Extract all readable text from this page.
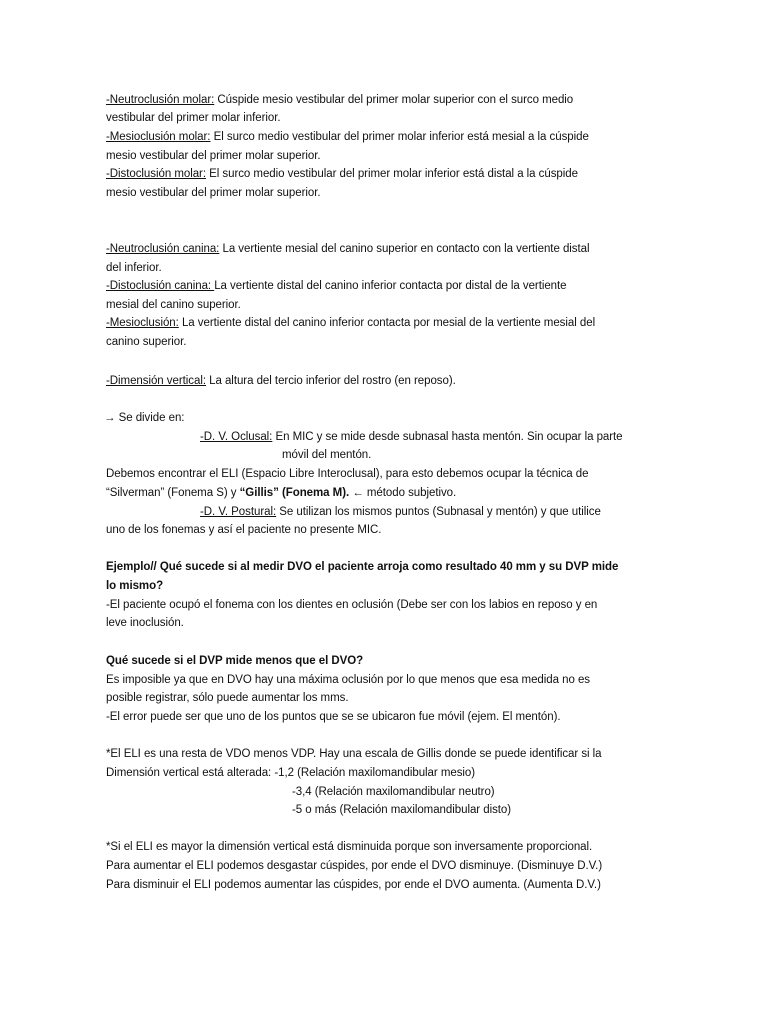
-Neutroclusión molar: Cúspide mesio vestibular del primer molar superior con el surco medio
vestibular del primer molar inferior.
-Mesioclusión molar: El surco medio vestibular del primer molar inferior está mesial a la cúspide
mesio vestibular del primer molar superior.
-Distoclusión molar: El surco medio vestibular del primer molar inferior está distal a la cúspide
mesio vestibular del primer molar superior.
-Neutroclusión canina: La vertiente mesial del canino superior en contacto con la vertiente distal
del inferior.
-Distoclusión canina: La vertiente distal del canino inferior contacta por distal de la vertiente
mesial del canino superior.
-Mesioclusión: La vertiente distal del canino inferior contacta por mesial de la vertiente mesial del
canino superior.
-Dimensión vertical: La altura del tercio inferior del rostro (en reposo).
→ Se divide en:
-D. V. Oclusal: En MIC y se mide desde subnasal hasta mentón. Sin ocupar la parte
móvil del mentón.
Debemos encontrar el ELI (Espacio Libre Interoclusal), para esto debemos ocupar la técnica de
“Silverman” (Fonema S) y “Gillis” (Fonema M). ← método subjetivo.
-D. V. Postural: Se utilizan los mismos puntos (Subnasal y mentón) y que utilice
uno de los fonemas y así el paciente no presente MIC.
Ejemplo// Qué sucede si al medir DVO el paciente arroja como resultado 40 mm y su DVP mide
lo mismo?
-El paciente ocupó el fonema con los dientes en oclusión (Debe ser con los labios en reposo y en
leve inoclusión.
Qué sucede si el DVP mide menos que el DVO?
Es imposible ya que en DVO hay una máxima oclusión por lo que menos que esa medida no es
posible registrar, sólo puede aumentar los mms.
-El error puede ser que uno de los puntos que se se ubicaron fue móvil (ejem. El mentón).
*El ELI es una resta de VDO menos VDP. Hay una escala de Gillis donde se puede identificar si la
Dimensión vertical está alterada: -1,2 (Relación maxilomandibular mesio)
-3,4 (Relación maxilomandibular neutro)
-5 o más (Relación maxilomandibular disto)
*Si el ELI es mayor la dimensión vertical está disminuida porque son inversamente proporcional.
Para aumentar el ELI podemos desgastar cúspides, por ende el DVO disminuye. (Disminuye D.V.)
Para disminuir el ELI podemos aumentar las cúspides, por ende el DVO aumenta. (Aumenta D.V.)
